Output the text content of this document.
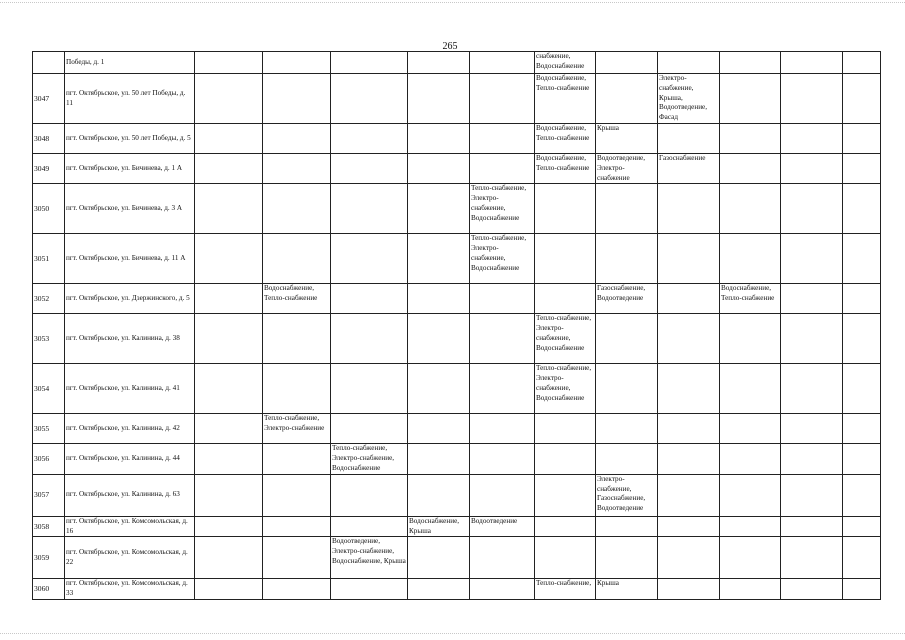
265
	Победы, д. 1						снабжение, Водоснабжение					
3047	пгт. Октябрьское, ул. 50 лет Победы, д. 11						Водоснабжение, Тепло-снабжение		Электро-снабжение, Крыша, Водоотведение, Фасад			
3048	пгт. Октябрьское, ул. 50 лет Победы, д. 5						Водоснабжение, Тепло-снабжение	Крыша				
3049	пгт. Октябрьское, ул. Бичинева, д. 1 А						Водоснабжение, Тепло-снабжение	Водоотведение, Электро-снабжение	Газоснабжение			
3050	пгт. Октябрьское, ул. Бичинева, д. 3 А					Тепло-снабжение, Электро-снабжение, Водоснабжение						
3051	пгт. Октябрьское, ул. Бичинева, д. 11 А					Тепло-снабжение, Электро-снабжение, Водоснабжение						
3052	пгт. Октябрьское, ул. Дзержинского, д. 5		Водоснабжение, Тепло-снабжение					Газоснабжение, Водоотведение		Водоснабжение, Тепло-снабжение		
3053	пгт. Октябрьское, ул. Калинина, д. 38						Тепло-снабжение, Электро-снабжение, Водоснабжение					
3054	пгт. Октябрьское, ул. Калинина, д. 41						Тепло-снабжение, Электро-снабжение, Водоснабжение					
3055	пгт. Октябрьское, ул. Калинина, д. 42		Тепло-снабжение, Электро-снабжение									
3056	пгт. Октябрьское, ул. Калинина, д. 44			Тепло-снабжение, Электро-снабжение, Водоснабжение								
3057	пгт. Октябрьское, ул. Калинина, д. 63							Электро-снабжение, Газоснабжение, Водоотведение				
3058	пгт. Октябрьское, ул. Комсомольская, д. 16				Водоснабжение, Крыша	Водоотведение						
3059	пгт. Октябрьское, ул. Комсомольская, д. 22			Водоотведение, Электро-снабжение, Водоснабжение, Крыша								
3060	пгт. Октябрьское, ул. Комсомольская, д. 33						Тепло-снабжение,	Крыша				
